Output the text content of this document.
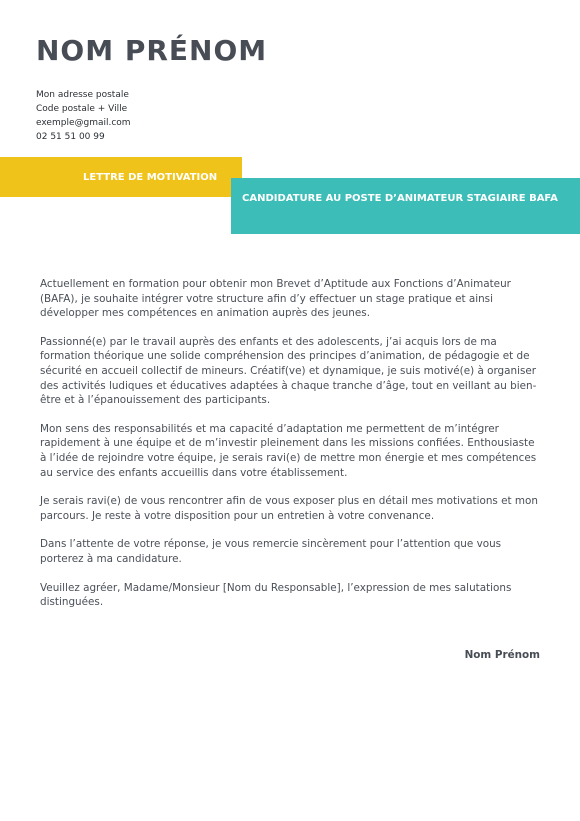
NOM PRÉNOM
Mon adresse postale
Code postale + Ville
exemple@gmail.com
02 51 51 00 99
LETTRE DE MOTIVATION
CANDIDATURE AU POSTE D’ANIMATEUR STAGIAIRE BAFA

Actuellement en formation pour obtenir mon Brevet d’Aptitude aux Fonctions d’Animateur (BAFA), je souhaite intégrer votre structure afin d’y effectuer un stage pratique et ainsi développer mes compétences en animation auprès des jeunes.

Passionné(e) par le travail auprès des enfants et des adolescents, j’ai acquis lors de ma formation théorique une solide compréhension des principes d’animation, de pédagogie et de sécurité en accueil collectif de mineurs. Créatif(ve) et dynamique, je suis motivé(e) à organiser des activités ludiques et éducatives adaptées à chaque tranche d’âge, tout en veillant au bien-être et à l’épanouissement des participants.

Mon sens des responsabilités et ma capacité d’adaptation me permettent de m’intégrer rapidement à une équipe et de m’investir pleinement dans les missions confiées. Enthousiaste à l’idée de rejoindre votre équipe, je serais ravi(e) de mettre mon énergie et mes compétences au service des enfants accueillis dans votre établissement.

Je serais ravi(e) de vous rencontrer afin de vous exposer plus en détail mes motivations et mon parcours. Je reste à votre disposition pour un entretien à votre convenance.

Dans l’attente de votre réponse, je vous remercie sincèrement pour l’attention que vous porterez à ma candidature.

Veuillez agréer, Madame/Monsieur [Nom du Responsable], l’expression de mes salutations distinguées.

Nom Prénom
